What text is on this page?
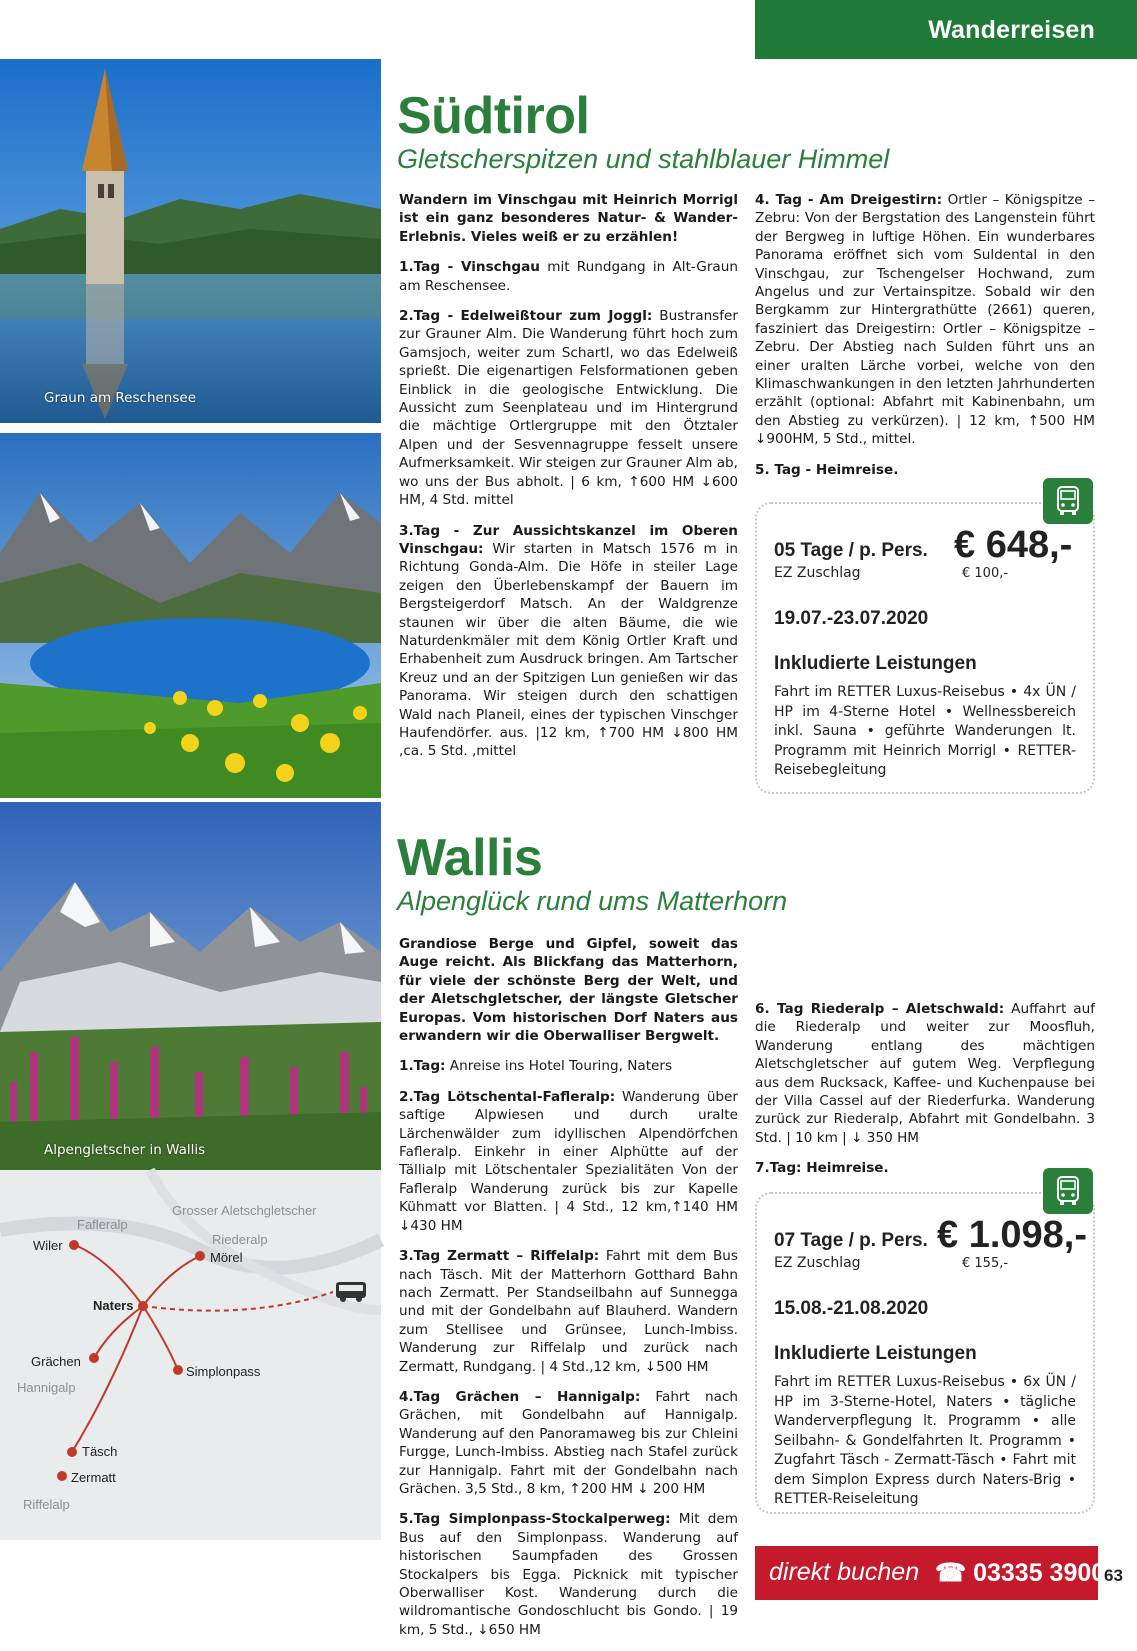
Wanderreisen
Graun am Reschensee
Alpengletscher in Wallis
Grosser Aletschgletscher
Fafleralp
Riederalp
Wiler
Mörel
Naters
Grächen
Hannigalp
Simplonpass
Täsch
Zermatt
Riffelalp
Südtirol
Gletscherspitzen und stahlblauer Himmel

Wandern im Vinschgau mit Heinrich Morrigl ist ein ganz besonderes Natur- & Wander-Erlebnis. Vieles weiß er zu erzählen!

1.Tag - Vinschgau mit Rundgang in Alt-Graun am Reschensee.

2.Tag - Edelweißtour zum Joggl: Bustransfer zur Grauner Alm. Die Wanderung führt hoch zum Gamsjoch, weiter zum Schartl, wo das Edelweiß sprießt. Die eigenartigen Felsformationen geben Einblick in die geologische Entwicklung. Die Aussicht zum Seenplateau und im Hintergrund die mächtige Ortlergruppe mit den Ötztaler Alpen und der Sesvennagruppe fesselt unsere Aufmerksamkeit. Wir steigen zur Grauner Alm ab, wo uns der Bus abholt. | 6 km, ↑600 HM ↓600 HM, 4 Std. mittel

3.Tag - Zur Aussichtskanzel im Oberen Vinschgau: Wir starten in Matsch 1576 m in Richtung Gonda-Alm. Die Höfe in steiler Lage zeigen den Überlebenskampf der Bauern im Bergsteigerdorf Matsch. An der Waldgrenze staunen wir über die alten Bäume, die wie Naturdenkmäler mit dem König Ortler Kraft und Erhabenheit zum Ausdruck bringen. Am Tartscher Kreuz und an der Spitzigen Lun genießen wir das Panorama. Wir steigen durch den schattigen Wald nach Planeil, eines der typischen Vinschger Haufendörfer. aus. |12 km, ↑700 HM ↓800 HM ,ca. 5 Std. ,mittel

4. Tag - Am Dreigestirn: Ortler – Königspitze – Zebru: Von der Bergstation des Langenstein führt der Bergweg in luftige Höhen. Ein wunderbares Panorama eröffnet sich vom Suldental in den Vinschgau, zur Tschengelser Hochwand, zum Angelus und zur Vertainspitze. Sobald wir den Bergkamm zur Hintergrathütte (2661) queren, fasziniert das Dreigestirn: Ortler – Königspitze – Zebru. Der Abstieg nach Sulden führt uns an einer uralten Lärche vorbei, welche von den Klimaschwankungen in den letzten Jahrhunderten erzählt (optional: Abfahrt mit Kabinenbahn, um den Abstieg zu verkürzen). | 12 km, ↑500 HM ↓900HM, 5 Std., mittel.

5. Tag - Heimreise.

05 Tage / p. Pers. € 648,-
EZ Zuschlag	€ 100,-
19.07.-23.07.2020
Inkludierte Leistungen
Fahrt im RETTER Luxus-Reisebus • 4x ÜN / HP im 4-Sterne Hotel • Wellnessbereich inkl. Sauna • geführte Wanderungen lt. Programm mit Heinrich Morrigl • RETTER-Reisebegleitung
Wallis
Alpenglück rund ums Matterhorn

Grandiose Berge und Gipfel, soweit das Auge reicht. Als Blickfang das Matterhorn, für viele der schönste Berg der Welt, und der Aletschgletscher, der längste Gletscher Europas. Vom historischen Dorf Naters aus erwandern wir die Oberwalliser Bergwelt.

1.Tag: Anreise ins Hotel Touring, Naters

2.Tag Lötschental-Fafleralp: Wanderung über saftige Alpwiesen und durch uralte Lärchenwälder zum idyllischen Alpendörfchen Fafleralp. Einkehr in einer Alphütte auf der Tällialp mit Lötschentaler Spezialitäten Von der Fafleralp Wanderung zurück bis zur Kapelle Kühmatt vor Blatten. | 4 Std., 12 km,↑140 HM ↓430 HM

3.Tag Zermatt – Riffelalp: Fahrt mit dem Bus nach Täsch. Mit der Matterhorn Gotthard Bahn nach Zermatt. Per Standseilbahn auf Sunnegga und mit der Gondelbahn auf Blauherd. Wandern zum Stellisee und Grünsee, Lunch-Imbiss. Wanderung zur Riffelalp und zurück nach Zermatt, Rundgang. | 4 Std.,12 km, ↓500 HM

4.Tag Grächen – Hannigalp: Fahrt nach Grächen, mit Gondelbahn auf Hannigalp. Wanderung auf den Panoramaweg bis zur Chleini Furgge, Lunch-Imbiss. Abstieg nach Stafel zurück zur Hannigalp. Fahrt mit der Gondelbahn nach Grächen. 3,5 Std., 8 km, ↑200 HM ↓ 200 HM

5.Tag Simplonpass-Stockalperweg: Mit dem Bus auf den Simplonpass. Wanderung auf historischen Saumpfaden des Grossen Stockalpers bis Egga. Picknick mit typischer Oberwalliser Kost. Wanderung durch die wildromantische Gondoschlucht bis Gondo. | 19 km, 5 Std., ↓650 HM

6. Tag Riederalp – Aletschwald: Auffahrt auf die Riederalp und weiter zur Moosfluh, Wanderung entlang des mächtigen Aletschgletscher auf gutem Weg. Verpflegung aus dem Rucksack, Kaffee- und Kuchenpause bei der Villa Cassel auf der Riederfurka. Wanderung zurück zur Riederalp, Abfahrt mit Gondelbahn. 3 Std. | 10 km | ↓ 350 HM

7.Tag: Heimreise.

07 Tage / p. Pers. € 1.098,-
EZ Zuschlag	€ 155,-
15.08.-21.08.2020
Inkludierte Leistungen
Fahrt im RETTER Luxus-Reisebus • 6x ÜN / HP im 3-Sterne-Hotel, Naters • tägliche Wanderverpflegung lt. Programm • alle Seilbahn- & Gondelfahrten lt. Programm • Zugfahrt Täsch - Zermatt-Täsch • Fahrt mit dem Simplon Express durch Naters-Brig • RETTER-Reiseleitung
direkt buchen ☎ 03335 3900
63
